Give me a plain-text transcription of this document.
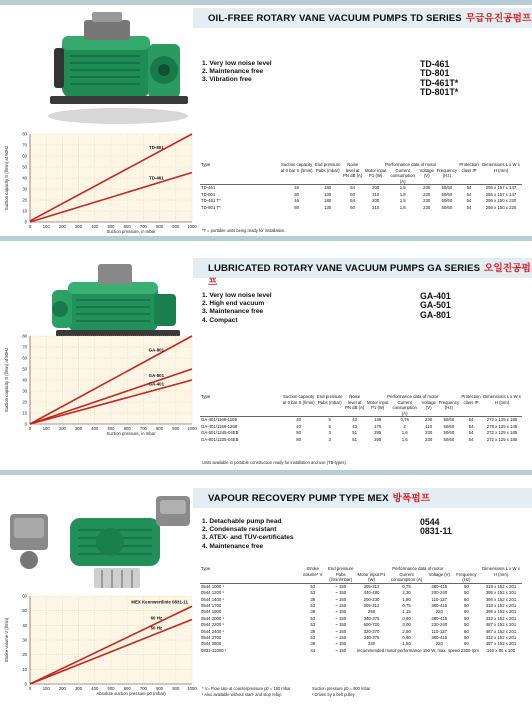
OIL-FREE ROTARY VANE VACUUM PUMPS TD SERIES 무급유진공펌프
1. Very low noise level
2. Maintenance free
3. Vibration free
TD-461
TD-801
TD-461T*
TD-801T*
0
10
20
30
40
50
60
70
80
0	100 200 300 400 500 600 700 800 900 1000
Suction pressure, in mbar
Suction capacity S (l/min) at 50Hz	TD-801
TD-461
Type	Suction capacity at 0 bar S (l/min)	End pressure Pabs (mbar)	Noise level at PN dB (A)	Performance data of motor				Protection class IP	Dimensions L x W x H (mm)
				Motor input P1 (W)	Current consumption (A)	Voltage (V)	Frequency (Hz)		
TD-461	46	180	54	200	1,5	230	50/60	54	256 x 157 x 147
TD-801	80	130	60	310	1,8	230	50/60	54	256 x 157 x 147
TD-461 T*	46	180	54	200	1,5	230	50/60	54	256 x 150 x 220
TD-801 T*	80	130	60	310	1,8	230	50/60	54	256 x 150 x 220
*T = portable units being ready for installation.
LUBRICATED ROTARY VANE VACUUM PUMPS GA SERIES 오일진공펌프
1. Very low noise level
2. High end vacuum
3. Maintenance free
4. Compact
GA-401
GA-501
GA-801
0
10
20
30
40
50
60
70
80
0	100 200 300 400 500 600 700 800 900 1000
Suction pressure, in mbar
Suction capacity S (l/min) at 50Hz	GA-801
GA-501
GA-401
Type	Suction capacity at 0 bar S (l/min)	End pressure Pabs (mbar)	Noise level at PN dB (A)	Performance data of motor				Protection class IP	Dimensions L x W x H (mm)
				Motor input P1 (W)	Current consumption (A)	Voltage (V)	Frequency (Hz)		
GA-401/1169-1169	40	5	43	146	0,76	230	50/60	54	272 x 125 x 185
GA-401/1169-1268	40	5	43	175	2	110	50/60	54	278 x 125 x 145
GA-501/1245-04EB	50	3	51	295	1,6	230	50/60	54	272 x 125 x 185
GA-801/1225-04EB	80	3	51	295	1,6	230	50/60	54	272 x 125 x 185
Units available in portable construction ready for installation and use (TB-types).
VAPOUR RECOVERY PUMP TYPE MEX 방폭펌프
1. Detachable pump head
2. Condensate resistant
3. ATEX- and TÜV-certificates
4. Maintenance free
0544
0831-11
0
10
20
30
40
50
60
0	100 200 300 400 500 600 700 800 900 1000
Absolute suction pressure p0 (mbar)
Stroke volume V (l/min)	60 Hz
50 Hz
MEX Kennwertlinie 0831-11
Type	Stroke volume* V	End pressure Pabs (l/min/mbar)	Performance data of motor				Dimensions L x W x H (mm)
			Motor input P1 (W)	Current consumption (A)	Voltage (V)	Frequency (Hz)	
0544 1000 ¹	53	~ 150	305-312	0,75	380-415	50	318 x 152 x 201
0544 1200 ¹	53	~ 150	440-480	2,30	200-240	50	395 x 152 x 201
0544 1400 ¹	38	~ 150	200-230	1,80	110-127	60	395 x 152 x 201
0544 1700	53	~ 150	305-312	0,75	380-415	50	318 x 152 x 201
0544 1900	38	~ 150	250	1,15	220	60	395 x 152 x 201
0544 2000 ¹	53	~ 150	340-375	0,90	380-415	50	432 x 152 x 201
0544 2200 ¹	53	~ 150	600-720	3,00	220-240	50	487 x 152 x 201
0544 2400 ¹	38	~ 150	320-370	2,50	110-127	60	487 x 152 x 201
0544 2700	53	~ 150	340-375	0,90	380-415	50	432 x 152 x 201
0544 2800	38	~ 150	330	1,50	220	60	487 x 152 x 201
0831-11000 ¹	44	~ 150	recommended motor performance 150 W, max. speed 2300 rpm				140 x 80 x 100
* V= Flow rate at counterpressure p0 = 150 mbar
¹ Also available without start- and stop relay.
Suction pressure p0 = 900 mbar
² Driven by a belt pulley
